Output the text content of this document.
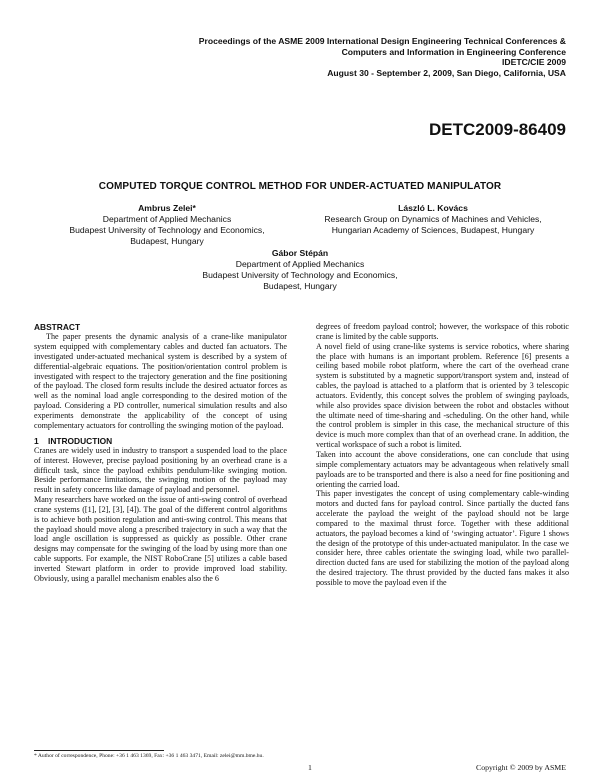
Proceedings of the ASME 2009 International Design Engineering Technical Conferences &
Computers and Information in Engineering Conference
IDETC/CIE 2009
August 30 - September 2, 2009, San Diego, California, USA
DETC2009-86409
COMPUTED TORQUE CONTROL METHOD FOR UNDER-ACTUATED MANIPULATOR
Ambrus Zelei*
Department of Applied Mechanics
Budapest University of Technology and Economics,
Budapest, Hungary
László L. Kovács
Research Group on Dynamics of Machines and Vehicles,
Hungarian Academy of Sciences, Budapest, Hungary
Gábor Stépán
Department of Applied Mechanics
Budapest University of Technology and Economics,
Budapest, Hungary
ABSTRACT

The paper presents the dynamic analysis of a crane-like manipulator system equipped with complementary cables and ducted fan actuators. The investigated under-actuated mechanical system is described by a system of differential-algebraic equations. The position/orientation control problem is investigated with respect to the trajectory generation and the fine positioning of the payload. The closed form results include the desired actuator forces as well as the nominal load angle corresponding to the desired motion of the payload. Considering a PD controller, numerical simulation results and also experiments demonstrate the applicability of the concept of using complementary actuators for controlling the swinging motion of the payload.

1 INTRODUCTION

Cranes are widely used in industry to transport a suspended load to the place of interest. However, precise payload positioning by an overhead crane is a difficult task, since the payload exhibits pendulum-like swinging motion. Beside performance limitations, the swinging motion of the payload may result in safety concerns like damage of payload and personnel.

Many researchers have worked on the issue of anti-swing control of overhead crane systems ([1], [2], [3], [4]). The goal of the different control algorithms is to achieve both position regulation and anti-swing control. This means that the payload should move along a prescribed trajectory in such a way that the load angle oscillation is suppressed as quickly as possible. Other crane designs may compensate for the swinging of the load by using more than one cable supports. For example, the NIST RoboCrane [5] utilizes a cable based inverted Stewart platform in order to provide improved load stability. Obviously, using a parallel mechanism enables also the 6

degrees of freedom payload control; however, the workspace of this robotic crane is limited by the cable supports.

A novel field of using crane-like systems is service robotics, where sharing the place with humans is an important problem. Reference [6] presents a ceiling based mobile robot platform, where the cart of the overhead crane system is substituted by a magnetic support/transport system and, instead of cables, the payload is attached to a platform that is oriented by 3 telescopic actuators. Evidently, this concept solves the problem of swinging payloads, while also provides space division between the robot and obstacles without the ultimate need of time-sharing and -scheduling. On the other hand, while the control problem is simpler in this case, the mechanical structure of this device is much more complex than that of an overhead crane. In addition, the vertical workspace of such a robot is limited.

Taken into account the above considerations, one can conclude that using simple complementary actuators may be advantageous when relatively small payloads are to be transported and there is also a need for fine positioning and orienting the carried load.

This paper investigates the concept of using complementary cable-winding motors and ducted fans for payload control. Since partially the ducted fans accelerate the payload the weight of the payload should not be large compared to the maximal thrust force. Together with these additional actuators, the payload becomes a kind of ‘swinging actuator’. Figure 1 shows the design of the prototype of this under-actuated manipulator. In the case we consider here, three cables orientate the swinging load, while two parallel-direction ducted fans are used for stabilizing the motion of the payload along the desired trajectory. The thrust provided by the ducted fans makes it also possible to move the payload even if the

* Author of correspondence, Phone: +36 1 463 1369, Fax: +36 1 463 3471, Email: zelei@mm.bme.hu.
1	Copyright © 2009 by ASME
